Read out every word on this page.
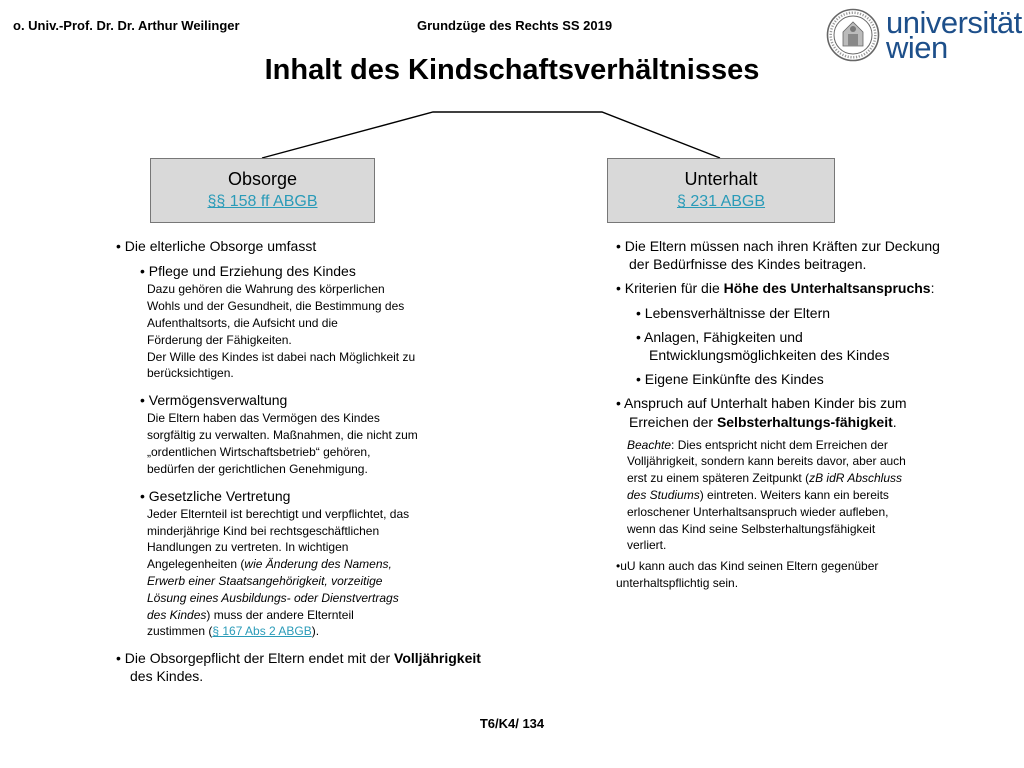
o. Univ.-Prof. Dr. Dr. Arthur Weilinger	Grundzüge des Rechts SS 2019	universität
wien
Inhalt des Kindschaftsverhältnisses
Obsorge
§§ 158 ff ABGB
Unterhalt
§ 231 ABGB
• Die elterliche Obsorge umfasst
• Pflege und Erziehung des Kindes
Dazu gehören die Wahrung des körperlichen
Wohls und der Gesundheit, die Bestimmung des
Aufenthaltsorts, die Aufsicht und die
Förderung der Fähigkeiten.
Der Wille des Kindes ist dabei nach Möglichkeit zu
berücksichtigen.
• Vermögensverwaltung
Die Eltern haben das Vermögen des Kindes
sorgfältig zu verwalten. Maßnahmen, die nicht zum
„ordentlichen Wirtschaftsbetrieb“ gehören,
bedürfen der gerichtlichen Genehmigung.
• Gesetzliche Vertretung
Jeder Elternteil ist berechtigt und verpflichtet, das
minderjährige Kind bei rechtsgeschäftlichen
Handlungen zu vertreten. In wichtigen
Angelegenheiten (wie Änderung des Namens,
Erwerb einer Staatsangehörigkeit, vorzeitige
Lösung eines Ausbildungs- oder Dienstvertrags
des Kindes) muss der andere Elternteil
zustimmen (§ 167 Abs 2 ABGB).
• Die Obsorgepflicht der Eltern endet mit der Volljährigkeit des Kindes.
• Die Eltern müssen nach ihren Kräften zur Deckung der Bedürfnisse des Kindes beitragen.
• Kriterien für die Höhe des Unterhaltsanspruchs:
• Lebensverhältnisse der Eltern
• Anlagen, Fähigkeiten und Entwicklungsmöglichkeiten des Kindes
• Eigene Einkünfte des Kindes
• Anspruch auf Unterhalt haben Kinder bis zum Erreichen der Selbsterhaltungs-fähigkeit.
Beachte: Dies entspricht nicht dem Erreichen der
Volljährigkeit, sondern kann bereits davor, aber auch
erst zu einem späteren Zeitpunkt (zB idR Abschluss
des Studiums) eintreten. Weiters kann ein bereits
erloschener Unterhaltsanspruch wieder aufleben,
wenn das Kind seine Selbsterhaltungsfähigkeit
verliert.
•uU kann auch das Kind seinen Eltern gegenüber unterhaltspflichtig sein.
T6/K4/ 134
